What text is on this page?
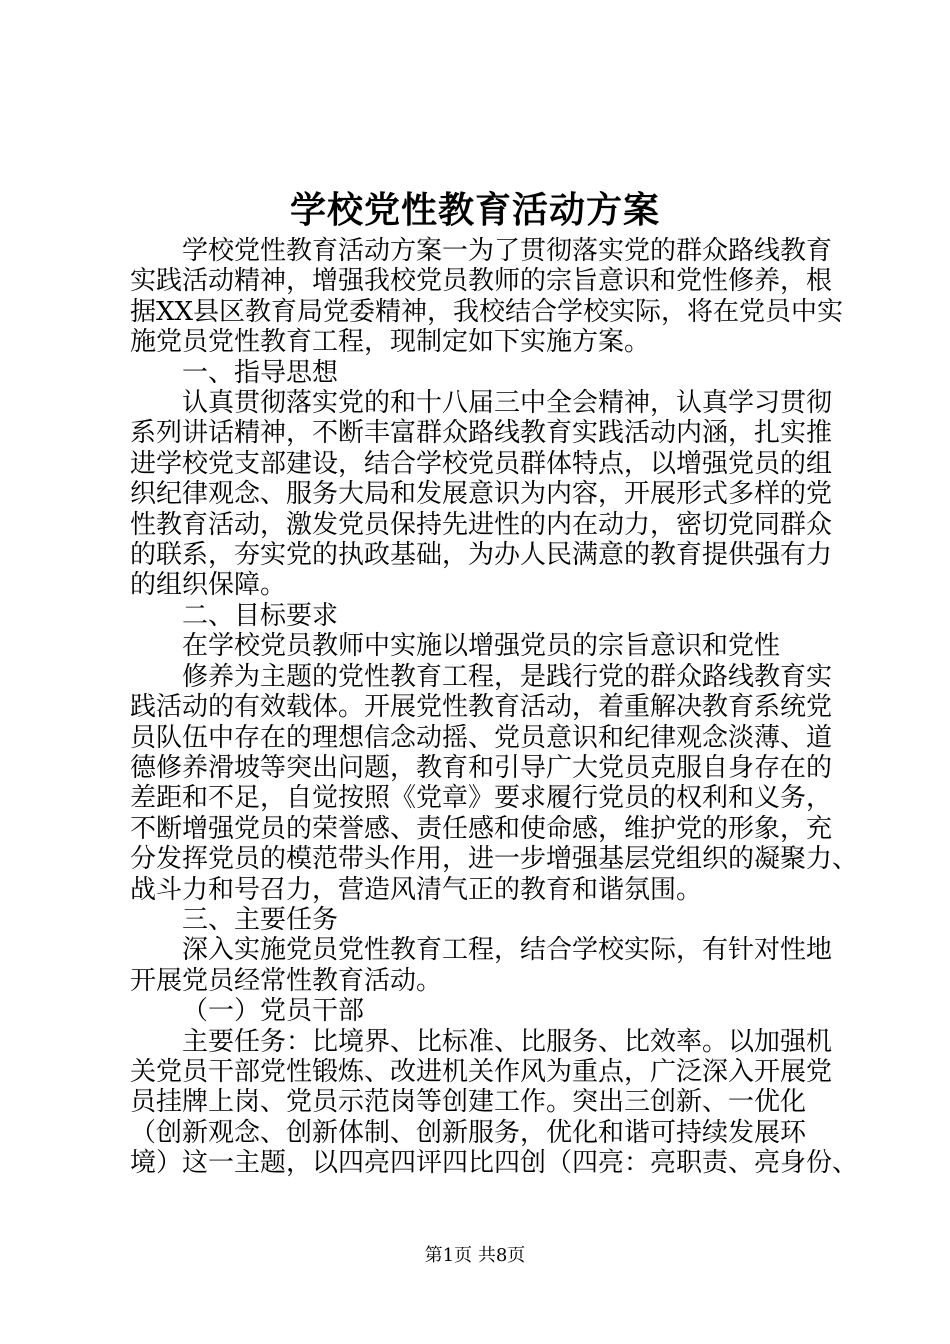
学校党性教育活动方案

学校党性教育活动方案一为了贯彻落实党的群众路线教育

实践活动精神，增强我校党员教师的宗旨意识和党性修养，根

据XX县区教育局党委精神，我校结合学校实际，将在党员中实

施党员党性教育工程，现制定如下实施方案。

一、指导思想

认真贯彻落实党的和十八届三中全会精神，认真学习贯彻

系列讲话精神，不断丰富群众路线教育实践活动内涵，扎实推

进学校党支部建设，结合学校党员群体特点，以增强党员的组

织纪律观念、服务大局和发展意识为内容，开展形式多样的党

性教育活动，激发党员保持先进性的内在动力，密切党同群众

的联系，夯实党的执政基础，为办人民满意的教育提供强有力

的组织保障。

二、目标要求

在学校党员教师中实施以增强党员的宗旨意识和党性

修养为主题的党性教育工程，是践行党的群众路线教育实

践活动的有效载体。开展党性教育活动，着重解决教育系统党

员队伍中存在的理想信念动摇、党员意识和纪律观念淡薄、道

德修养滑坡等突出问题，教育和引导广大党员克服自身存在的

差距和不足，自觉按照《党章》要求履行党员的权利和义务，

不断增强党员的荣誉感、责任感和使命感，维护党的形象，充

分发挥党员的模范带头作用，进一步增强基层党组织的凝聚力、

战斗力和号召力，营造风清气正的教育和谐氛围。

三、主要任务

深入实施党员党性教育工程，结合学校实际，有针对性地

开展党员经常性教育活动。

（一）党员干部

主要任务：比境界、比标准、比服务、比效率。以加强机

关党员干部党性锻炼、改进机关作风为重点，广泛深入开展党

员挂牌上岗、党员示范岗等创建工作。突出三创新、一优化

（创新观念、创新体制、创新服务，优化和谐可持续发展环

境）这一主题，以四亮四评四比四创（四亮：亮职责、亮身份、

第1页 共8页
